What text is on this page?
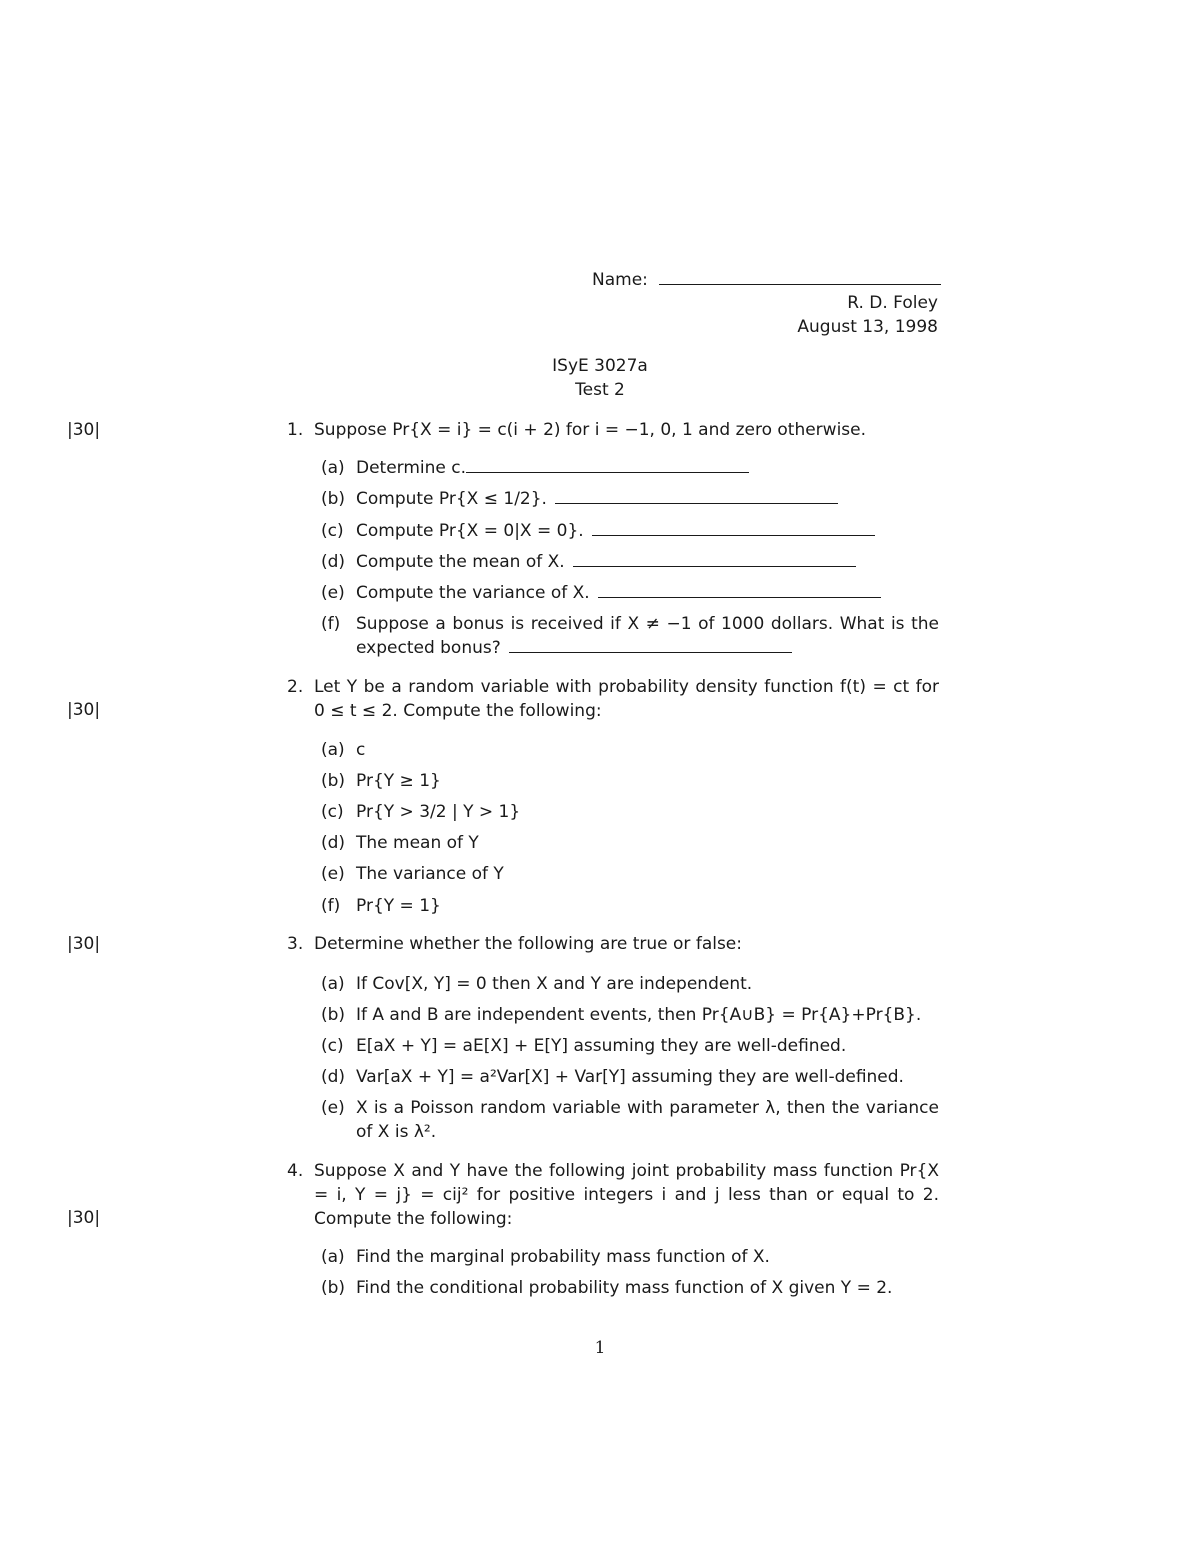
Name:
R. D. Foley
August 13, 1998
ISyE 3027a
Test 2
|30|
|30|
|30|
|30|
1. Suppose Pr{X = i} = c(i + 2) for i = −1, 0, 1 and zero otherwise.
(a) Determine c.
(b) Compute Pr{X ≤ 1/2}.
(c) Compute Pr{X = 0|X = 0}.
(d) Compute the mean of X.
(e) Compute the variance of X.
(f) Suppose a bonus is received if X ≠ −1 of 1000 dollars. What is the expected bonus?
2. Let Y be a random variable with probability density function f(t) = ct for 0 ≤ t ≤ 2. Compute the following:
(a) c
(b) Pr{Y ≥ 1}
(c) Pr{Y > 3/2 | Y > 1}
(d) The mean of Y
(e) The variance of Y
(f) Pr{Y = 1}
3. Determine whether the following are true or false:
(a) If Cov[X, Y] = 0 then X and Y are independent.
(b) If A and B are independent events, then Pr{A∪B} = Pr{A}+Pr{B}.
(c) E[aX + Y] = aE[X] + E[Y] assuming they are well-defined.
(d) Var[aX + Y] = a²Var[X] + Var[Y] assuming they are well-defined.
(e) X is a Poisson random variable with parameter λ, then the variance of X is λ².
4. Suppose X and Y have the following joint probability mass function Pr{X = i, Y = j} = cij² for positive integers i and j less than or equal to 2. Compute the following:
(a) Find the marginal probability mass function of X.
(b) Find the conditional probability mass function of X given Y = 2.
1
